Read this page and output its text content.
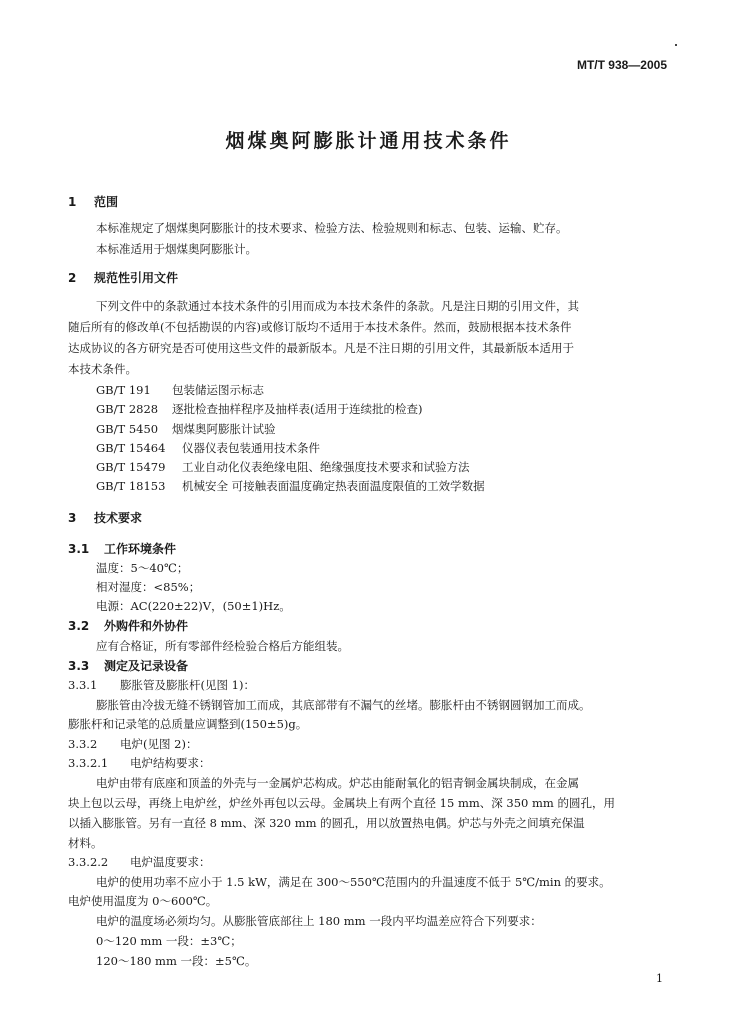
MT/T 938—2005
烟煤奥阿膨胀计通用技术条件
1 范围
本标准规定了烟煤奥阿膨胀计的技术要求、检验方法、检验规则和标志、包装、运输、贮存。
本标准适用于烟煤奥阿膨胀计。
2 规范性引用文件
下列文件中的条款通过本技术条件的引用而成为本技术条件的条款。凡是注日期的引用文件，其
随后所有的修改单(不包括勘误的内容)或修订版均不适用于本技术条件。然而，鼓励根据本技术条件
达成协议的各方研究是否可使用这些文件的最新版本。凡是不注日期的引用文件，其最新版本适用于
本技术条件。
GB/T 191 包装储运图示标志
GB/T 2828 逐批检查抽样程序及抽样表(适用于连续批的检查)
GB/T 5450 烟煤奥阿膨胀计试验
GB/T 15464 仪器仪表包装通用技术条件
GB/T 15479 工业自动化仪表绝缘电阻、绝缘强度技术要求和试验方法
GB/T 18153 机械安全 可接触表面温度确定热表面温度限值的工效学数据
3 技术要求
3.1 工作环境条件
温度：5～40℃；
相对湿度：<85%；
电源：AC(220±22)V，(50±1)Hz。
3.2 外购件和外协件
应有合格证，所有零部件经检验合格后方能组装。
3.3 测定及记录设备
3.3.1 膨胀管及膨胀杆(见图 1)：
膨胀管由冷拔无缝不锈钢管加工而成，其底部带有不漏气的丝堵。膨胀杆由不锈钢圆钢加工而成。
膨胀杆和记录笔的总质量应调整到(150±5)g。
3.3.2 电炉(见图 2)：
3.3.2.1 电炉结构要求：
电炉由带有底座和顶盖的外壳与一金属炉芯构成。炉芯由能耐氧化的铝青铜金属块制成，在金属
块上包以云母，再绕上电炉丝，炉丝外再包以云母。金属块上有两个直径 15 mm、深 350 mm 的圆孔，用
以插入膨胀管。另有一直径 8 mm、深 320 mm 的圆孔，用以放置热电偶。炉芯与外壳之间填充保温
材料。
3.3.2.2 电炉温度要求：
电炉的使用功率不应小于 1.5 kW，满足在 300～550℃范围内的升温速度不低于 5℃/min 的要求。
电炉使用温度为 0～600℃。
电炉的温度场必须均匀。从膨胀管底部往上 180 mm 一段内平均温差应符合下列要求：
0～120 mm 一段：±3℃；
120～180 mm 一段：±5℃。
1
